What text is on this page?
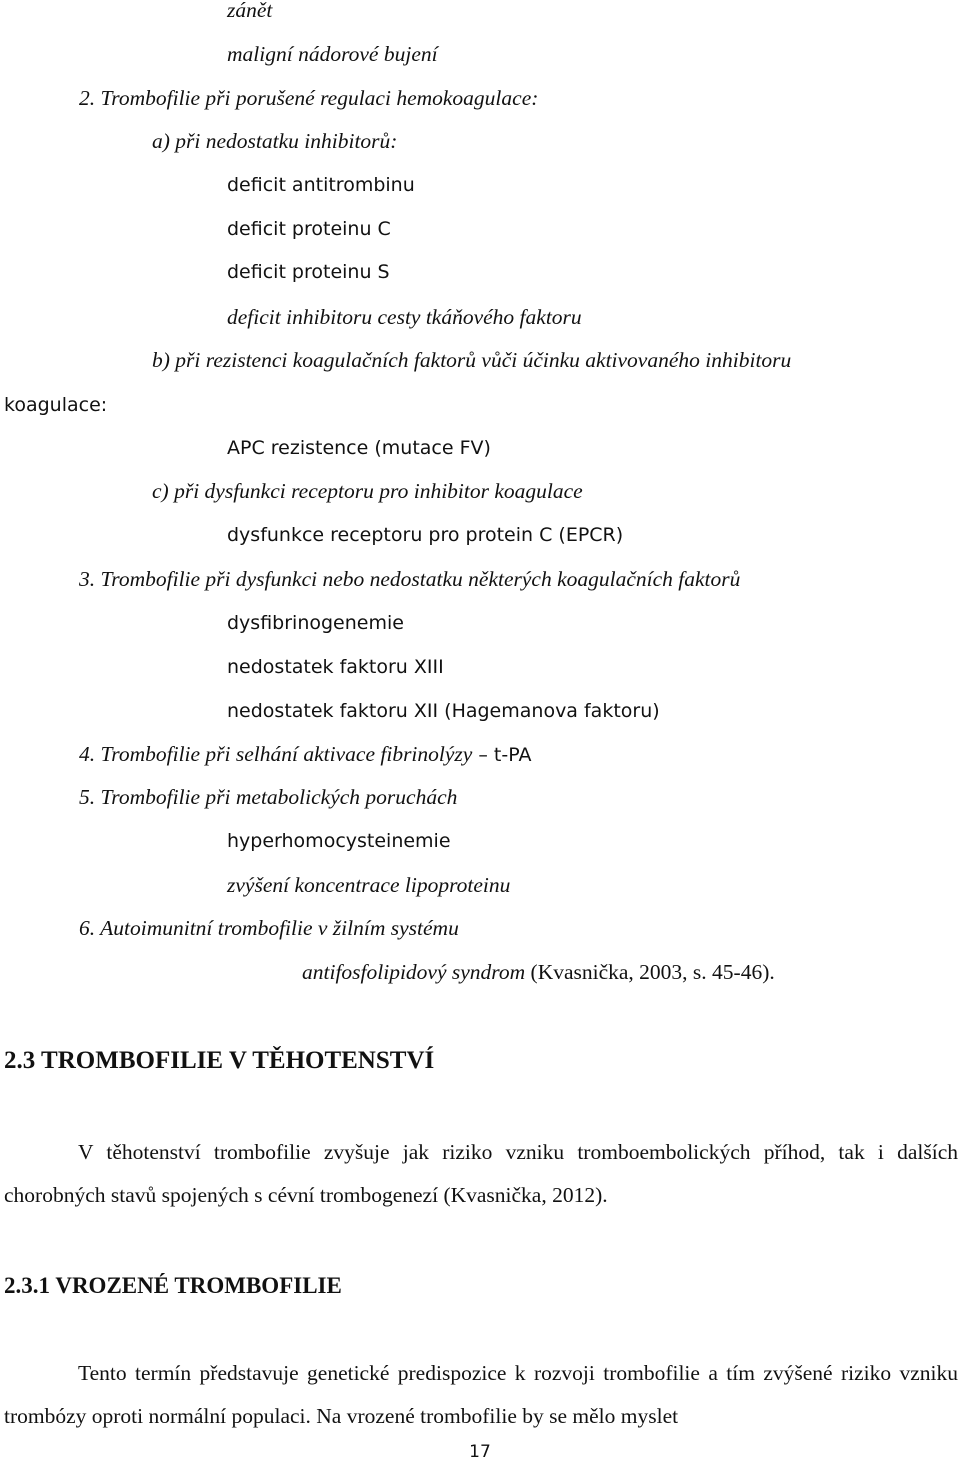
zánět
maligní nádorové bujení
2. Trombofilie při porušené regulaci hemokoagulace:
a) při nedostatku inhibitorů:
deficit antitrombinu
deficit proteinu C
deficit proteinu S
deficit inhibitoru cesty tkáňového faktoru
b) při rezistenci koagulačních faktorů vůči účinku aktivovaného inhibitoru
koagulace:
APC rezistence (mutace FV)
c) při dysfunkci receptoru pro inhibitor koagulace
dysfunkce receptoru pro protein C (EPCR)
3. Trombofilie při dysfunkci nebo nedostatku některých koagulačních faktorů
dysfibrinogenemie
nedostatek faktoru XIII
nedostatek faktoru XII (Hagemanova faktoru)
4. Trombofilie při selhání aktivace fibrinolýzy – t-PA
5. Trombofilie při metabolických poruchách
hyperhomocysteinemie
zvýšení koncentrace lipoproteinu
6. Autoimunitní trombofilie v žilním systému
antifosfolipidový syndrom (Kvasnička, 2003, s. 45-46).
2.3 TROMBOFILIE V TĚHOTENSTVÍ

V těhotenství trombofilie zvyšuje jak riziko vzniku tromboembolických příhod, tak i dalších chorobných stavů spojených s cévní trombogenezí (Kvasnička, 2012).

2.3.1 VROZENÉ TROMBOFILIE

Tento termín představuje genetické predispozice k rozvoji trombofilie a tím zvýšené riziko vzniku trombózy oproti normální populaci. Na vrozené trombofilie by se mělo myslet

17
